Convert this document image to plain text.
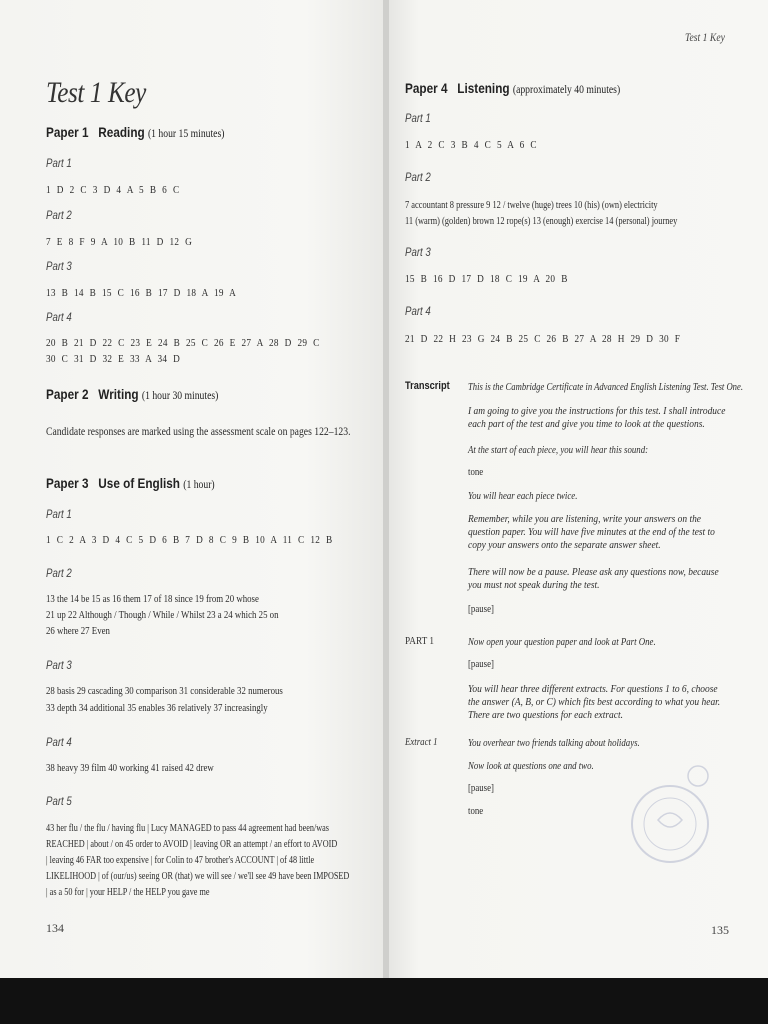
Test 1 Key
Paper 1 Reading (1 hour 15 minutes)
Part 1
1 D 2 C 3 D 4 A 5 B 6 C
Part 2
7 E 8 F 9 A 10 B 11 D 12 G
Part 3
13 B 14 B 15 C 16 B 17 D 18 A 19 A
Part 4
20 B 21 D 22 C 23 E 24 B 25 C 26 E 27 A 28 D 29 C
30 C 31 D 32 E 33 A 34 D
Paper 2 Writing (1 hour 30 minutes)
Candidate responses are marked using the assessment scale on pages 122–123.
Paper 3 Use of English (1 hour)
Part 1
1 C 2 A 3 D 4 C 5 D 6 B 7 D 8 C 9 B 10 A 11 C 12 B
Part 2
13 the 14 be 15 as 16 them 17 of 18 since 19 from 20 whose
21 up 22 Although / Though / While / Whilst 23 a 24 which 25 on
26 where 27 Even
Part 3
28 basis 29 cascading 30 comparison 31 considerable 32 numerous
33 depth 34 additional 35 enables 36 relatively 37 increasingly
Part 4
38 heavy 39 film 40 working 41 raised 42 drew
Part 5
43 her flu / the flu / having flu | Lucy MANAGED to pass 44 agreement had been/was
REACHED | about / on 45 order to AVOID | leaving OR an attempt / an effort to AVOID
| leaving 46 FAR too expensive | for Colin to 47 brother's ACCOUNT | of 48 little
LIKELIHOOD | of (our/us) seeing OR (that) we will see / we'll see 49 have been IMPOSED
| as a 50 for | your HELP / the HELP you gave me
134
Test 1 Key
Paper 4 Listening (approximately 40 minutes)
Part 1
1 A 2 C 3 B 4 C 5 A 6 C
Part 2
7 accountant 8 pressure 9 12 / twelve (huge) trees 10 (his) (own) electricity
11 (warm) (golden) brown 12 rope(s) 13 (enough) exercise 14 (personal) journey
Part 3
15 B 16 D 17 D 18 C 19 A 20 B
Part 4
21 D 22 H 23 G 24 B 25 C 26 B 27 A 28 H 29 D 30 F
Transcript	This is the Cambridge Certificate in Advanced English Listening Test. Test One.
I am going to give you the instructions for this test. I shall introduce each part of the test and give you time to look at the questions.
At the start of each piece, you will hear this sound:
tone
You will hear each piece twice.
Remember, while you are listening, write your answers on the question paper. You will have five minutes at the end of the test to copy your answers onto the separate answer sheet.
There will now be a pause. Please ask any questions now, because you must not speak during the test.
[pause]
PART 1	Now open your question paper and look at Part One.
[pause]
You will hear three different extracts. For questions 1 to 6, choose the answer (A, B, or C) which fits best according to what you hear. There are two questions for each extract.
Extract 1	You overhear two friends talking about holidays.
Now look at questions one and two.
[pause]
tone
135
